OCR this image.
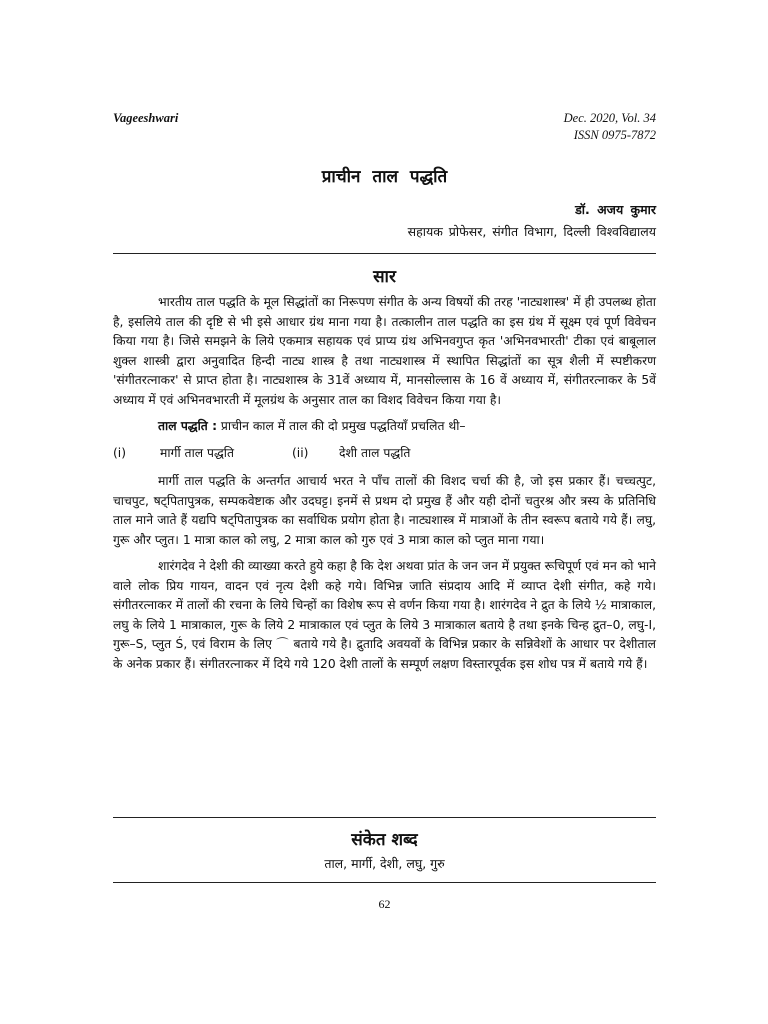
Vageeshwari	Dec. 2020, Vol. 34
ISSN 0975-7872
प्राचीन ताल पद्धति
डॉ. अजय कुमार
सहायक प्रोफेसर, संगीत विभाग, दिल्ली विश्वविद्यालय
सार

भारतीय ताल पद्धति के मूल सिद्धांतों का निरूपण संगीत के अन्य विषयों की तरह 'नाट्यशास्त्र' में ही उपलब्ध होता है, इसलिये ताल की दृष्टि से भी इसे आधार ग्रंथ माना गया है। तत्कालीन ताल पद्धति का इस ग्रंथ में सूक्ष्म एवं पूर्ण विवेचन किया गया है। जिसे समझने के लिये एकमात्र सहायक एवं प्राप्य ग्रंथ अभिनवगुप्त कृत 'अभिनवभारती' टीका एवं बाबूलाल शुक्ल शास्त्री द्वारा अनुवादित हिन्दी नाट्य शास्त्र है तथा नाट्यशास्त्र में स्थापित सिद्धांतों का सूत्र शैली में स्पष्टीकरण 'संगीतरत्नाकर' से प्राप्त होता है। नाट्यशास्त्र के 31वें अध्याय में, मानसोल्लास के 16 वें अध्याय में, संगीतरत्नाकर के 5वें अध्याय में एवं अभिनवभारती में मूलग्रंथ के अनुसार ताल का विशद विवेचन किया गया है।

ताल पद्धति : प्राचीन काल में ताल की दो प्रमुख पद्धतियाँ प्रचलित थी–

(i)	मार्गी ताल पद्धति	(ii)	देशी ताल पद्धति

मार्गी ताल पद्धति के अन्तर्गत आचार्य भरत ने पाँच तालों की विशद चर्चा की है, जो इस प्रकार हैं। चच्चत्पुट, चाचपुट, षट्पितापुत्रक, सम्पकवेष्टाक और उदघट्ट। इनमें से प्रथम दो प्रमुख हैं और यही दोनों चतुरश्र और त्रस्य के प्रतिनिधि ताल माने जाते हैं यद्यपि षट्पितापुत्रक का सर्वाधिक प्रयोग होता है। नाट्यशास्त्र में मात्राओं के तीन स्वरूप बताये गये हैं। लघु, गुरू और प्लुत। 1 मात्रा काल को लघु, 2 मात्रा काल को गुरु एवं 3 मात्रा काल को प्लुत माना गया।

शारंगदेव ने देशी की व्याख्या करते हुये कहा है कि देश अथवा प्रांत के जन जन में प्रयुक्त रूचिपूर्ण एवं मन को भाने वाले लोक प्रिय गायन, वादन एवं नृत्य देशी कहे गये। विभिन्न जाति संप्रदाय आदि में व्याप्त देशी संगीत, कहे गये। संगीतरत्नाकर में तालों की रचना के लिये चिन्हों का विशेष रूप से वर्णन किया गया है। शारंगदेव ने द्रुत के लिये ½ मात्राकाल, लघु के लिये 1 मात्राकाल, गुरू के लिये 2 मात्राकाल एवं प्लुत के लिये 3 मात्राकाल बताये है तथा इनके चिन्ह द्रुत–0, लघु-I, गुरू–S, प्लुत Ś, एवं विराम के लिए ⌒ बताये गये है। द्रुतादि अवयवों के विभिन्न प्रकार के सन्निवेशों के आधार पर देशीताल के अनेक प्रकार हैं। संगीतरत्नाकर में दिये गये 120 देशी तालों के सम्पूर्ण लक्षण विस्तारपूर्वक इस शोध पत्र में बताये गये हैं।

संकेत शब्द
ताल, मार्गी, देशी, लघु, गुरु
62
